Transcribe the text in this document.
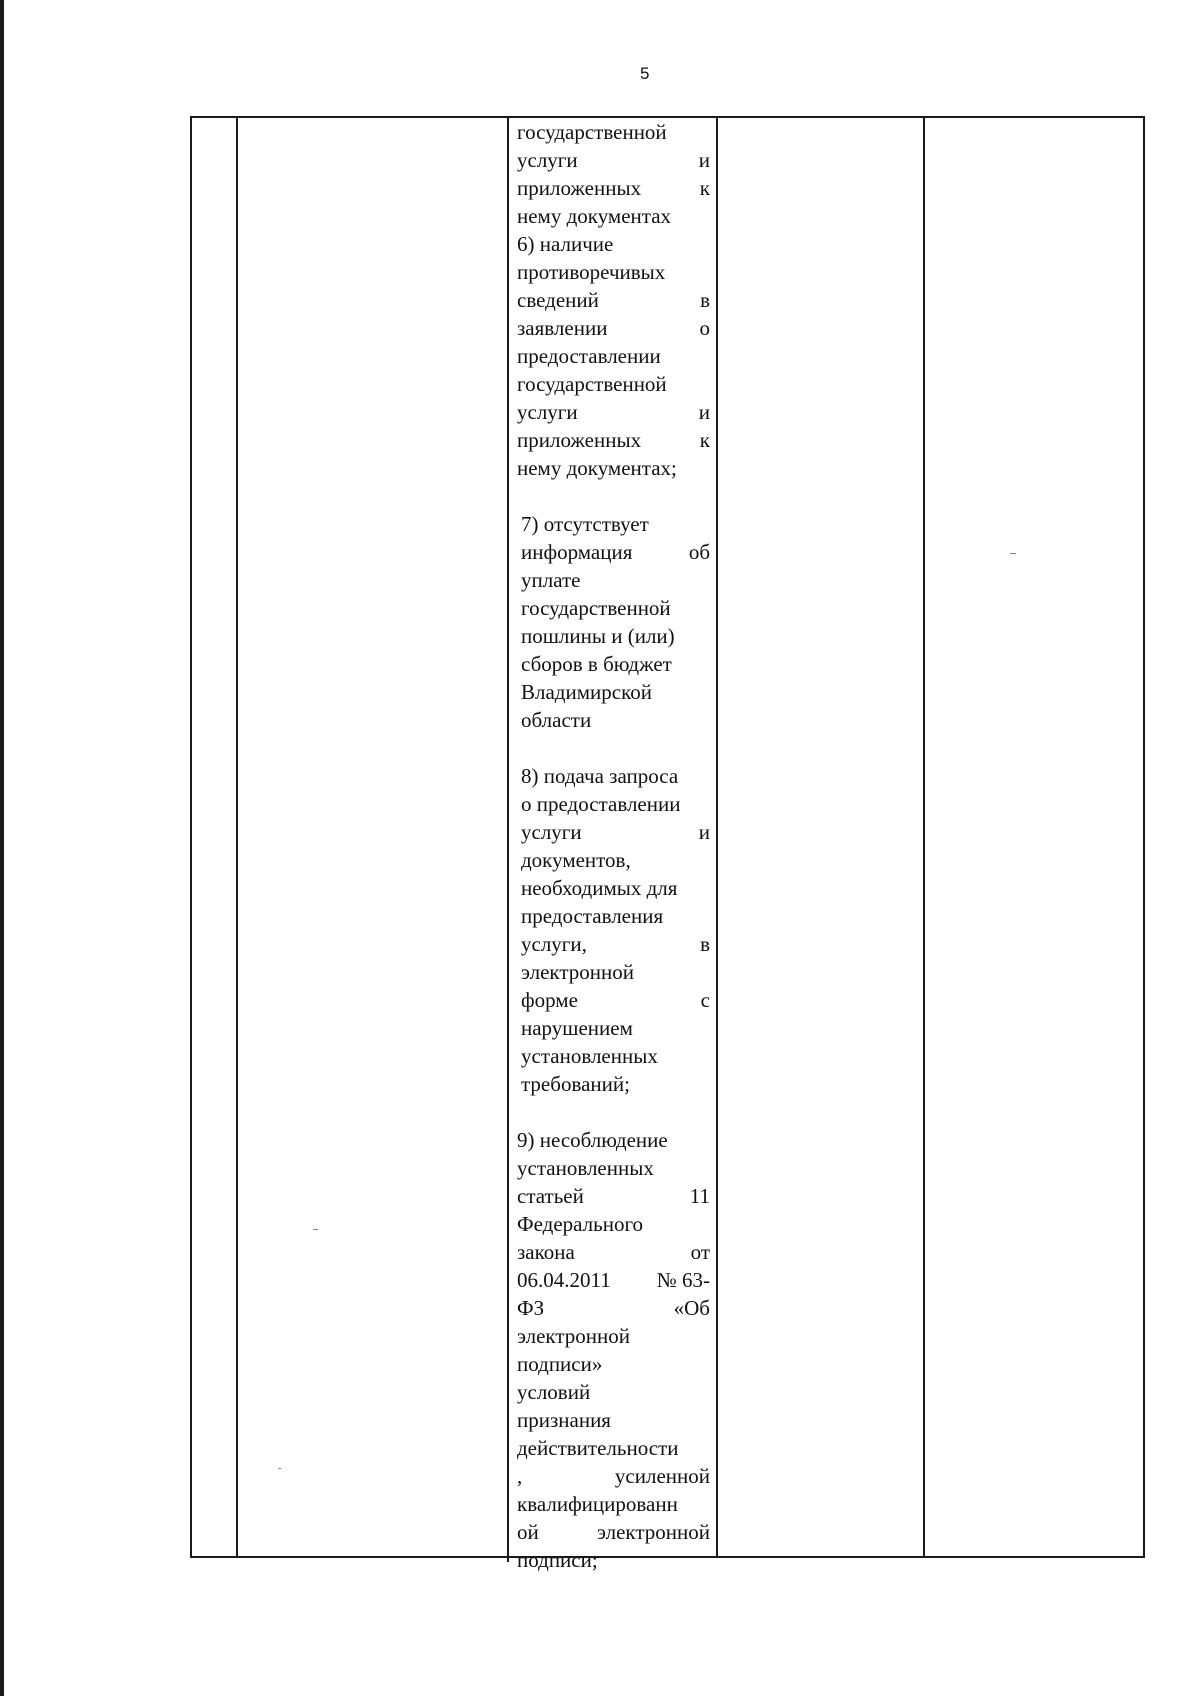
5
государственной
услуги	и
приложенных	к
нему документах
6) наличие
противоречивых
сведений	в
заявлении	о
предоставлении
государственной
услуги	и
приложенных	к
нему документах;
7) отсутствует
информация	об
уплате
государственной
пошлины и (или)
сборов в бюджет
Владимирской
области
8) подача запроса
о предоставлении
услуги	и
документов,
необходимых для
предоставления
услуги,	в
электронной
форме	с
нарушением
установленных
требований;
9) несоблюдение
установленных
статьей	11
Федерального
закона	от
06.04.2011 № 63-
ФЗ	«Об
электронной
подписи»
условий
признания
действительности
,	усиленной
квалифицированн
ой	электронной
подписи;
